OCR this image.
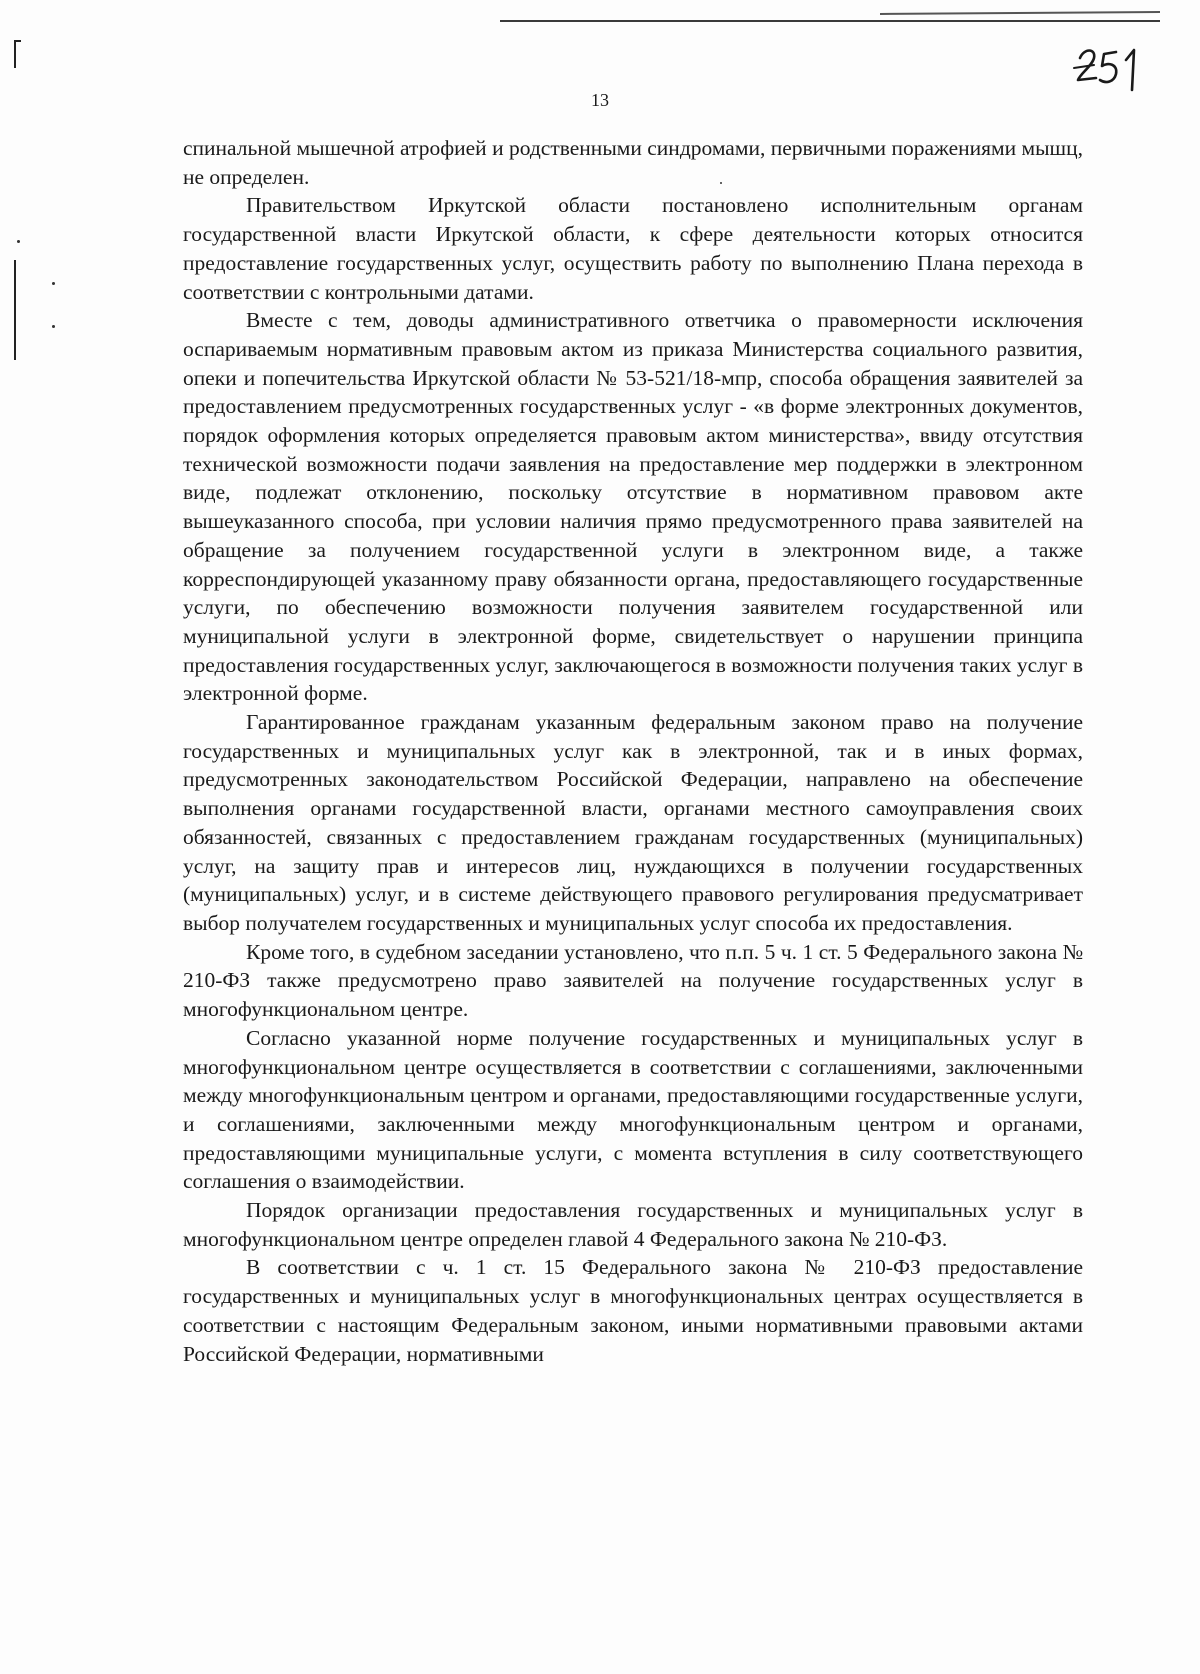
13

спинальной мышечной атрофией и родственными синдромами, первичными поражениями мышц, не определен.

Правительством Иркутской области постановлено исполнительным органам государственной власти Иркутской области, к сфере деятельности которых относится предоставление государственных услуг, осуществить работу по выполнению Плана перехода в соответствии с контрольными датами.

Вместе с тем, доводы административного ответчика о правомерности исключения оспариваемым нормативным правовым актом из приказа Министерства социального развития, опеки и попечительства Иркутской области № 53-521/18-мпр, способа обращения заявителей за предоставлением предусмотренных государственных услуг - «в форме электронных документов, порядок оформления которых определяется правовым актом министерства», ввиду отсутствия технической возможности подачи заявления на предоставление мер поддержки в электронном виде, подлежат отклонению, поскольку отсутствие в нормативном правовом акте вышеуказанного способа, при условии наличия прямо предусмотренного права заявителей на обращение за получением государственной услуги в электронном виде, а также корреспондирующей указанному праву обязанности органа, предоставляющего государственные услуги, по обеспечению возможности получения заявителем государственной или муниципальной услуги в электронной форме, свидетельствует о нарушении принципа предоставления государственных услуг, заключающегося в возможности получения таких услуг в электронной форме.

Гарантированное гражданам указанным федеральным законом право на получение государственных и муниципальных услуг как в электронной, так и в иных формах, предусмотренных законодательством Российской Федерации, направлено на обеспечение выполнения органами государственной власти, органами местного самоуправления своих обязанностей, связанных с предоставлением гражданам государственных (муниципальных) услуг, на защиту прав и интересов лиц, нуждающихся в получении государственных (муниципальных) услуг, и в системе действующего правового регулирования предусматривает выбор получателем государственных и муниципальных услуг способа их предоставления.

Кроме того, в судебном заседании установлено, что п.п. 5 ч. 1 ст. 5 Федерального закона № 210-ФЗ также предусмотрено право заявителей на получение государственных услуг в многофункциональном центре.

Согласно указанной норме получение государственных и муниципальных услуг в многофункциональном центре осуществляется в соответствии с соглашениями, заключенными между многофункциональным центром и органами, предоставляющими государственные услуги, и соглашениями, заключенными между многофункциональным центром и органами, предоставляющими муниципальные услуги, с момента вступления в силу соответствующего соглашения о взаимодействии.

Порядок организации предоставления государственных и муниципальных услуг в многофункциональном центре определен главой 4 Федерального закона № 210-ФЗ.

В соответствии с ч. 1 ст. 15 Федерального закона № 210-ФЗ предоставление государственных и муниципальных услуг в многофункциональных центрах осуществляется в соответствии с настоящим Федеральным законом, иными нормативными правовыми актами Российской Федерации, нормативными
